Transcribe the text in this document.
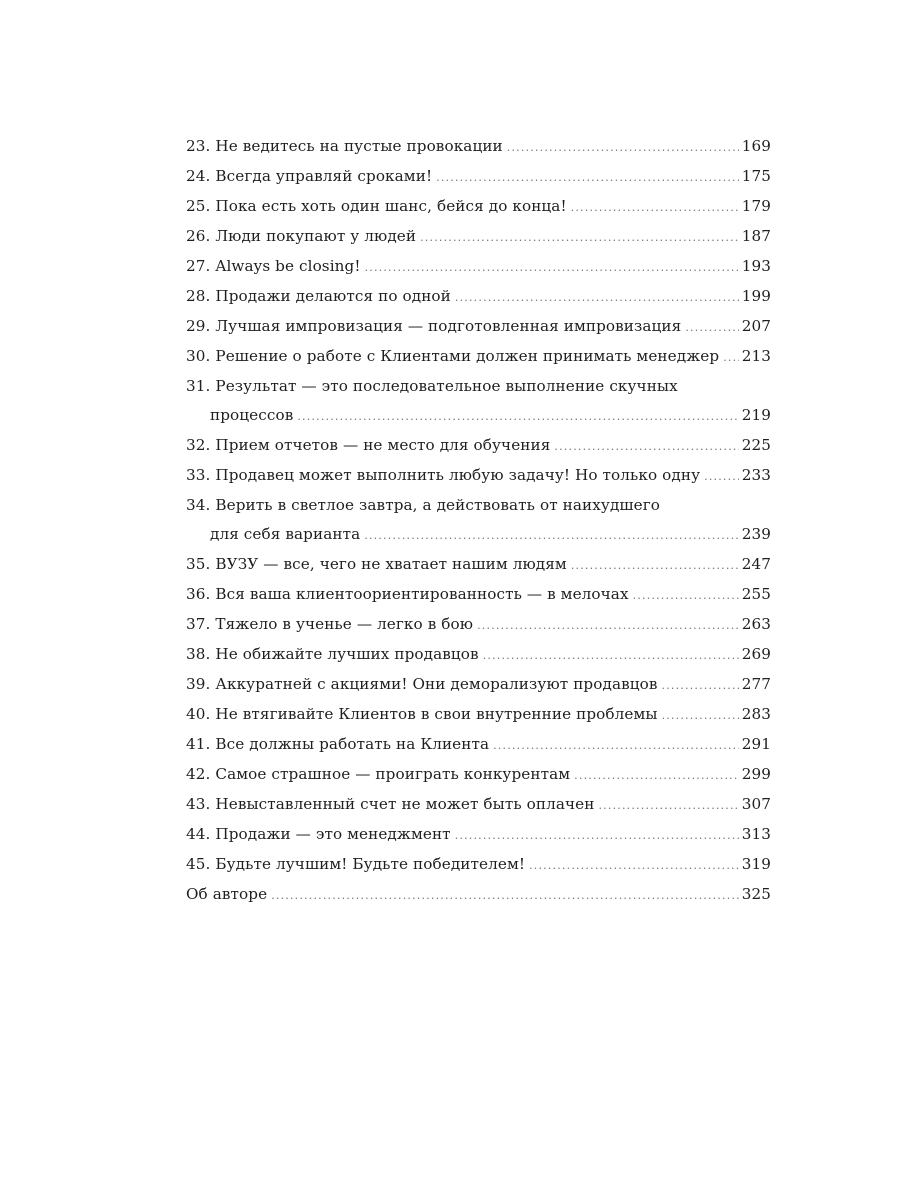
23. Не ведитесь на пустые провокации .....	169
24. Всегда управляй сроками! .....	175
25. Пока есть хоть один шанс, бейся до конца! .....	179
26. Люди покупают у людей .....	187
27. Always be closing! .....	193
28. Продажи делаются по одной .....	199
29. Лучшая импровизация — подготовленная импровизация .....	207
30. Решение о работе с Клиентами должен принимать менеджер ..... 213
31. Результат — это последовательное выполнение скучных
процессов .....	219
32. Прием отчетов — не место для обучения .....	225
33. Продавец может выполнить любую задачу! Но только одну .....	233
34. Верить в светлое завтра, а действовать от наихудшего
для себя варианта .....	239
35. ВУЗУ — все, чего не хватает нашим людям .....	247
36. Вся ваша клиентоориентированность — в мелочах .....	255
37. Тяжело в ученье — легко в бою .....	263
38. Не обижайте лучших продавцов .....	269
39. Аккуратней с акциями! Они деморализуют продавцов .....	277
40. Не втягивайте Клиентов в свои внутренние проблемы .....	283
41. Все должны работать на Клиента .....	291
42. Самое страшное — проиграть конкурентам .....	299
43. Невыставленный счет не может быть оплачен .....	307
44. Продажи — это менеджмент .....	313
45. Будьте лучшим! Будьте победителем! .....	319
Об авторе .....	325
